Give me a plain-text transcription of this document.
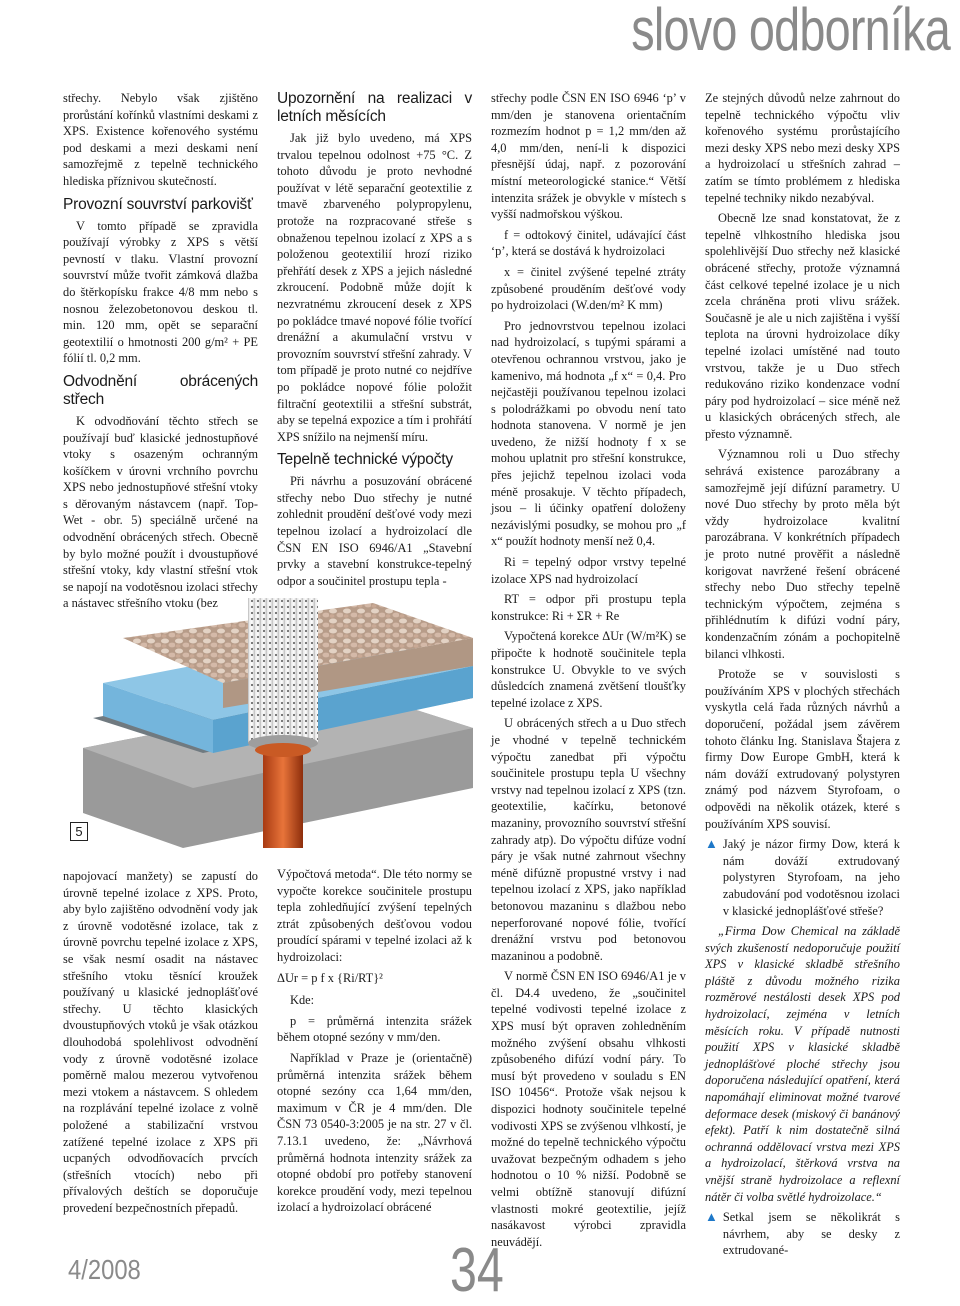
slovo odborníka

střechy. Nebylo však zjištěno prorůstání kořínků vlastními deskami z XPS. Existence kořenového systému pod deskami a mezi deskami není samozřejmě z tepelně technického hlediska příznivou skutečností.

Provozní souvrství parkovišť

V tomto případě se zpravidla používají výrobky z XPS s větší pevností v tlaku. Vlastní provozní souvrství může tvořit zámková dlažba do štěrkopísku frakce 4/8 mm nebo s nosnou železobetonovou deskou tl. min. 120 mm, opět se separační geotextilií o hmotnosti 200 g/m² + PE fólií tl. 0,2 mm.

Odvodnění obrácených střech

K odvodňování těchto střech se používají buď klasické jednostupňové vtoky s osazeným ochranným košíčkem v úrovni vrchního povrchu XPS nebo jednostupňové střešní vtoky s děrovaným nástavcem (např. Top-Wet - obr. 5) speciálně určené na odvodnění obrácených střech. Obecně by bylo možné použít i dvoustupňové střešní vtoky, kdy vlastní střešní vtok se napojí na vodotěsnou izolaci střechy a nástavec střešního vtoku (bez

5

napojovací manžety) se zapustí do úrovně tepelné izolace z XPS. Proto, aby bylo zajištěno odvodnění vody jak z úrovně vodotěsné izolace, tak z úrovně povrchu tepelné izolace z XPS, se však nesmí osadit na nástavec střešního vtoku těsnící kroužek používaný u klasické jednoplášťové střechy. U těchto klasických dvoustupňových vtoků je však otázkou dlouhodobá spolehlivost odvodnění vody z úrovně vodotěsné izolace poměrně malou mezerou vytvořenou mezi vtokem a nástavcem. S ohledem na rozplávání tepelné izolace z volně položené a stabilizační vrstvou zatížené tepelné izolace z XPS při ucpaných odvodňovacích prvcích (střešních vtocích) nebo při přívalových deštích se doporučuje provedení bezpečnostních přepadů.

Upozornění na realizaci v letních měsících

Jak již bylo uvedeno, má XPS trvalou tepelnou odolnost +75 °C. Z tohoto důvodu je proto nevhodné používat v létě separační geotextilie z tmavě zbarveného polypropylenu, protože na rozpracované střeše s obnaženou tepelnou izolací z XPS a s položenou geotextilií hrozí riziko přehřátí desek z XPS a jejich následné zkroucení. Podobně může dojít k nezvratnému zkroucení desek z XPS po pokládce tmavé nopové fólie tvořící drenážní a akumulační vrstvu v provozním souvrství střešní zahrady. V tom případě je proto nutné co nejdříve po pokládce nopové fólie položit filtrační geotextilii a střešní substrát, aby se tepelná expozice a tím i prohřátí XPS snížilo na nejmenší míru.

Tepelně technické výpočty

Při návrhu a posuzování obrácené střechy nebo Duo střechy je nutné zohlednit proudění dešťové vody mezi tepelnou izolací a hydroizolací dle ČSN EN ISO 6946/A1 „Stavební prvky a stavební konstrukce-tepelný odpor a součinitel prostupu tepla -

Výpočtová metoda“. Dle této normy se vypočte korekce součinitele prostupu tepla zohledňující zvýšení tepelných ztrát způsobených dešťovou vodou proudící spárami v tepelné izolaci až k hydroizolaci:

ΔUr = p f x {Ri/RT}²

Kde:

p = průměrná intenzita srážek během otopné sezóny v mm/den.

Například v Praze je (orientačně) průměrná intenzita srážek během otopné sezóny cca 1,64 mm/den, maximum v ČR je 4 mm/den. Dle ČSN 73 0540-3:2005 je na str. 27 v čl. 7.13.1 uvedeno, že: „Návrhová průměrná hodnota intenzity srážek za otopné období pro potřeby stanovení korekce proudění vody, mezi tepelnou izolací a hydroizolací obrácené

střechy podle ČSN EN ISO 6946 ‘p’ v mm/den je stanovena orientačním rozmezím hodnot p = 1,2 mm/den až 4,0 mm/den, není-li k dispozici přesnější údaj, např. z pozorování místní meteorologické stanice.“ Větší intenzita srážek je obvykle v místech s vyšší nadmořskou výškou.

f = odtokový činitel, udávající část ‘p’, která se dostává k hydroizolaci

x = činitel zvýšené tepelné ztráty způsobené prouděním dešťové vody po hydroizolaci (W.den/m² K mm)

Pro jednovrstvou tepelnou izolaci nad hydroizolací, s tupými spárami a otevřenou ochrannou vrstvou, jako je kamenivo, má hodnota „f x“ = 0,4. Pro nejčastěji používanou tepelnou izolaci s polodrážkami po obvodu není tato hodnota stanovena. V normě je jen uvedeno, že nižší hodnoty f x se mohou uplatnit pro střešní konstrukce, přes jejichž tepelnou izolaci voda méně prosakuje. V těchto případech, jsou – li účinky opatření doloženy nezávislými posudky, se mohou pro „f x“ použít hodnoty menší než 0,4.

Ri = tepelný odpor vrstvy tepelné izolace XPS nad hydroizolací

RT = odpor při prostupu tepla konstrukce: Ri + ΣR + Re

Vypočtená korekce ΔUr (W/m²K) se připočte k hodnotě součinitele tepla konstrukce U. Obvykle to ve svých důsledcích znamená zvětšení tloušťky tepelné izolace z XPS.

U obrácených střech a u Duo střech je vhodné v tepelně technickém výpočtu zanedbat při výpočtu součinitele prostupu tepla U všechny vrstvy nad tepelnou izolací z XPS (tzn. geotextilie, kačírku, betonové mazaniny, provozního souvrství střešní zahrady atp). Do výpočtu difúze vodní páry je však nutné zahrnout všechny méně difúzně propustné vrstvy i nad tepelnou izolací z XPS, jako například betonovou mazaninu s dlažbou nebo neperforované nopové fólie, tvořící drenážní vrstvu pod betonovou mazaninou a podobně.

V normě ČSN EN ISO 6946/A1 je v čl. D4.4 uvedeno, že „součinitel tepelné vodivosti tepelné izolace z XPS musí být opraven zohledněním možného zvýšení obsahu vlhkosti způsobeného difúzí vodní páry. To musí být provedeno v souladu s EN ISO 10456“. Protože však nejsou k dispozici hodnoty součinitele tepelné vodivosti XPS se zvýšenou vlhkostí, je možné do tepelně technického výpočtu uvažovat bezpečným odhadem s jeho hodnotou o 10 % nižší. Podobně se velmi obtížně stanovují difúzní vlastnosti mokré geotextilie, jejíž nasákavost výrobci zpravidla neuvádějí.

Ze stejných důvodů nelze zahrnout do tepelně technického výpočtu vliv kořenového systému prorůstajícího mezi desky XPS nebo mezi desky XPS a hydroizolací u střešních zahrad – zatím se tímto problémem z hlediska tepelné techniky nikdo nezabýval.

Obecně lze snad konstatovat, že z tepelně vlhkostního hlediska jsou spolehlivější Duo střechy než klasické obrácené střechy, protože významná část celkové tepelné izolace je u nich zcela chráněna proti vlivu srážek. Současně je ale u nich zajištěna i vyšší teplota na úrovni hydroizolace díky tepelné izolaci umístěné nad touto vrstvou, takže je u Duo střech redukováno riziko kondenzace vodní páry pod hydroizolací – sice méně než u klasických obrácených střech, ale přesto významně.

Významnou roli u Duo střechy sehrává existence parozábrany a samozřejmě její difúzní parametry. U nové Duo střechy by proto měla být vždy hydroizolace kvalitní parozábrana. V konkrétních případech je proto nutné prověřit a následně korigovat navržené řešení obrácené střechy nebo Duo střechy tepelně technickým výpočtem, zejména s přihlédnutím k difúzi vodní páry, kondenzačním zónám a pochopitelně bilanci vlhkosti.

Protože se v souvislosti s používáním XPS v plochých střechách vyskytla celá řada různých návrhů a doporučení, požádal jsem závěrem tohoto článku Ing. Stanislava Štajera z firmy Dow Europe GmbH, která k nám dováží extrudovaný polystyren známý pod názvem Styrofoam, o odpovědi na několik otázek, které s používáním XPS souvisí.

▲ Jaký je názor firmy Dow, která k nám dováží extrudovaný polystyren Styrofoam, na jeho zabudování pod vodotěsnou izolaci v klasické jednoplášťové střeše?

„Firma Dow Chemical na základě svých zkušeností nedoporučuje použití XPS v klasické skladbě střešního pláště z důvodu možného rizika rozměrové nestálosti desek XPS pod hydroizolací, zejména v letních měsících roku. V případě nutnosti použití XPS v klasické skladbě jednoplášťové ploché střechy jsou doporučena následující opatření, která napomáhají eliminovat možné tvarové deformace desek (miskový či banánový efekt). Patří k nim dostatečně silná ochranná oddělovací vrstva mezi XPS a hydroizolací, štěrková vrstva na vnější straně hydroizolace a reflexní nátěr či volba světlé hydroizolace.“

▲ Setkal jsem se několikrát s návrhem, aby se desky z extrudované-

4/2008	34
